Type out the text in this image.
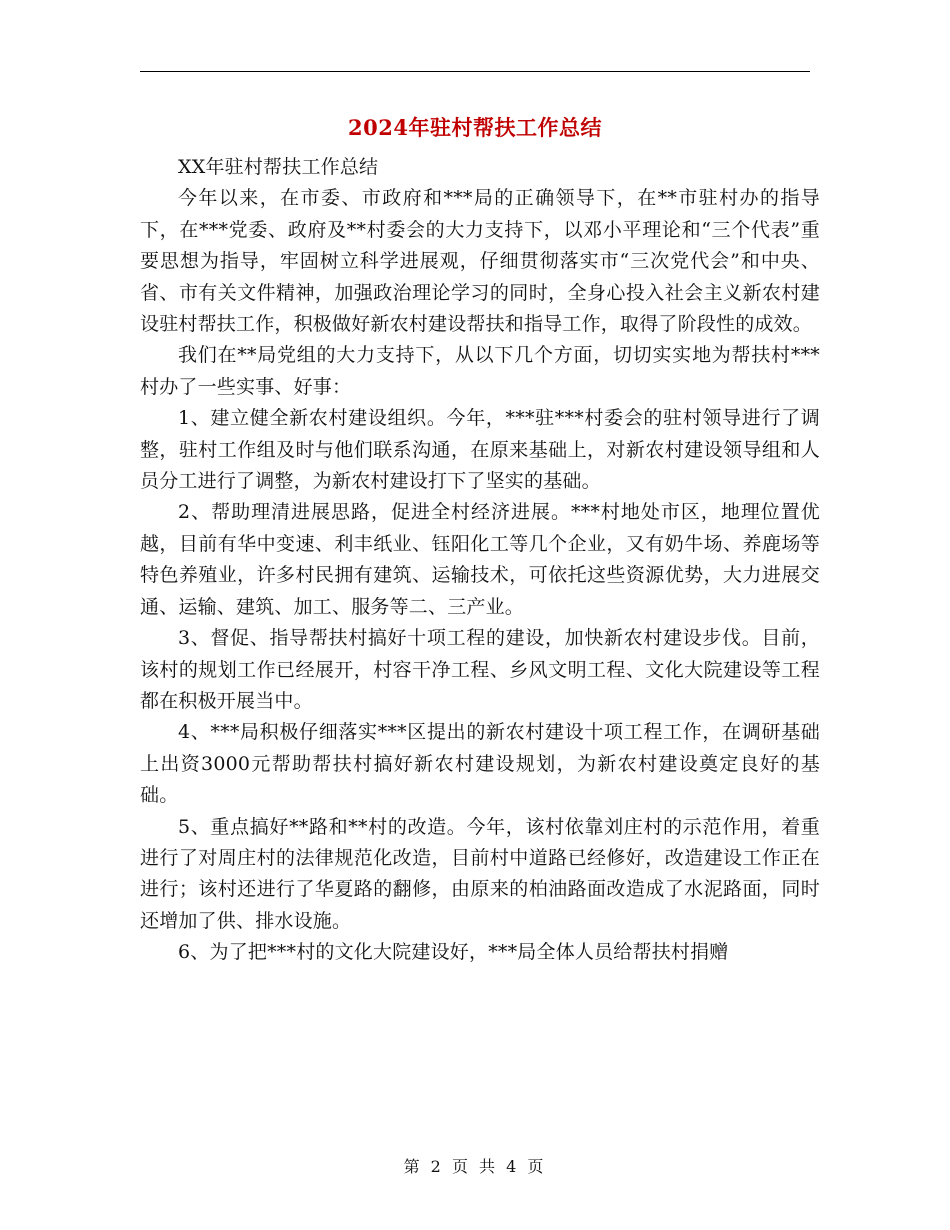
2024年驻村帮扶工作总结

XX年驻村帮扶工作总结

今年以来，在市委、市政府和***局的正确领导下，在**市驻村办的指导下，在***党委、政府及**村委会的大力支持下，以邓小平理论和“三个代表”重要思想为指导，牢固树立科学进展观，仔细贯彻落实市“三次党代会”和中央、省、市有关文件精神，加强政治理论学习的同时，全身心投入社会主义新农村建设驻村帮扶工作，积极做好新农村建设帮扶和指导工作，取得了阶段性的成效。

我们在**局党组的大力支持下，从以下几个方面，切切实实地为帮扶村***村办了一些实事、好事：

1、建立健全新农村建设组织。今年，***驻***村委会的驻村领导进行了调整，驻村工作组及时与他们联系沟通，在原来基础上，对新农村建设领导组和人员分工进行了调整，为新农村建设打下了坚实的基础。

2、帮助理清进展思路，促进全村经济进展。***村地处市区，地理位置优越，目前有华中变速、利丰纸业、钰阳化工等几个企业，又有奶牛场、养鹿场等特色养殖业，许多村民拥有建筑、运输技术，可依托这些资源优势，大力进展交通、运输、建筑、加工、服务等二、三产业。

3、督促、指导帮扶村搞好十项工程的建设，加快新农村建设步伐。目前，该村的规划工作已经展开，村容干净工程、乡风文明工程、文化大院建设等工程都在积极开展当中。

4、***局积极仔细落实***区提出的新农村建设十项工程工作，在调研基础上出资3000元帮助帮扶村搞好新农村建设规划，为新农村建设奠定良好的基础。

5、重点搞好**路和**村的改造。今年，该村依靠刘庄村的示范作用，着重进行了对周庄村的法律规范化改造，目前村中道路已经修好，改造建设工作正在进行；该村还进行了华夏路的翻修，由原来的柏油路面改造成了水泥路面，同时还增加了供、排水设施。

6、为了把***村的文化大院建设好，***局全体人员给帮扶村捐赠

第 2 页 共 4 页
